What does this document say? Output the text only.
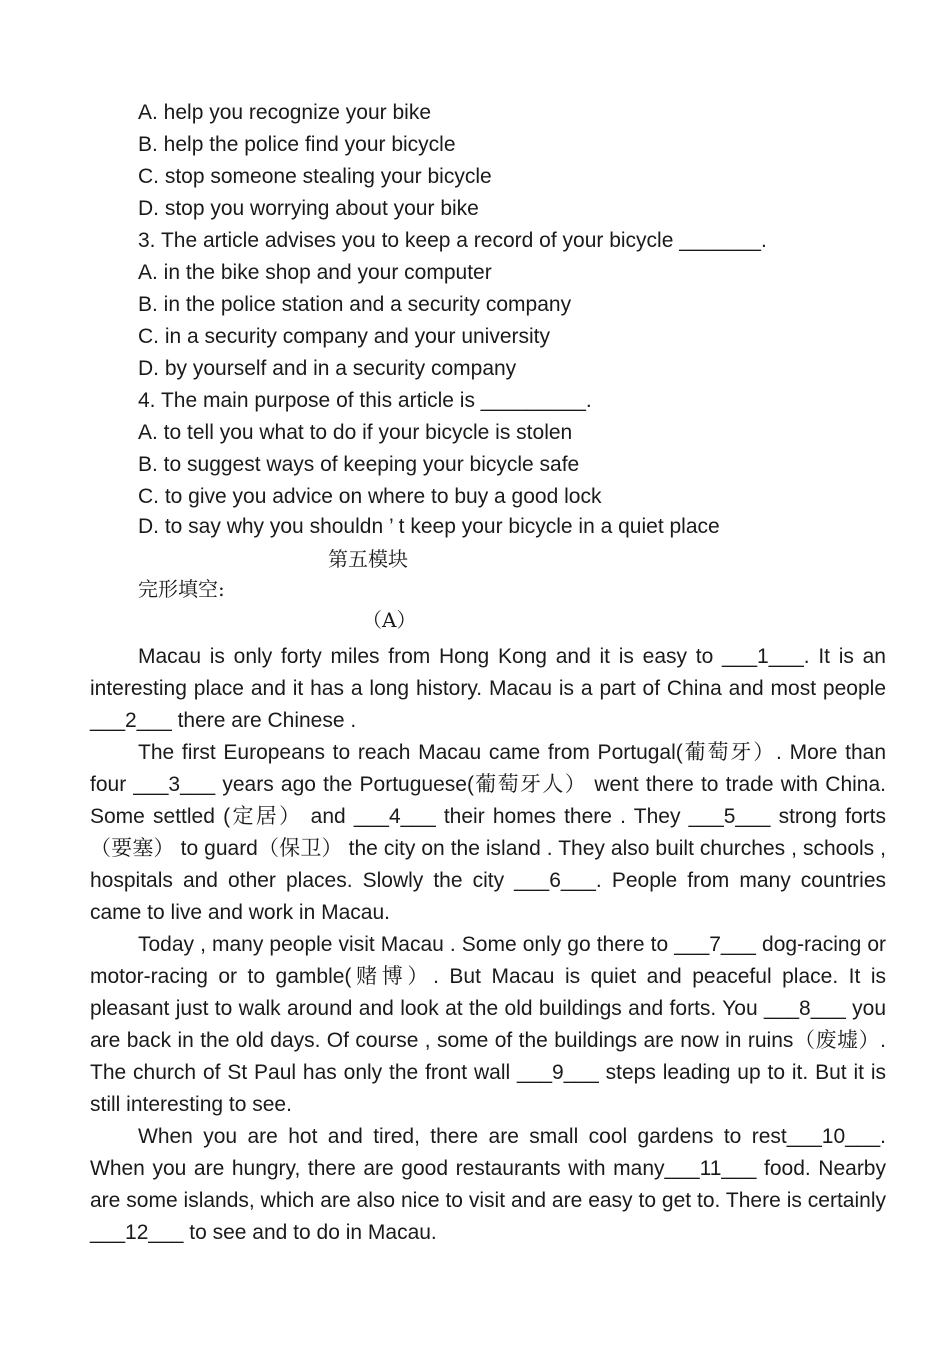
A. help you recognize your bike
B. help the police find your bicycle
C. stop someone stealing your bicycle
D. stop you worrying about your bike
3. The article advises you to keep a record of your bicycle _______.
A. in the bike shop and your computer
B. in the police station and a security company
C. in a security company and your university
D. by yourself and in a security company
4. The main purpose of this article is _________.
A. to tell you what to do if your bicycle is stolen
B. to suggest ways of keeping your bicycle safe
C. to give you advice on where to buy a good lock
D. to say why you shouldn ’ t keep your bicycle in a quiet place
第五模块
完形填空:
（A）

Macau is only forty miles from Hong Kong and it is easy to ___1___. It is an interesting place and it has a long history. Macau is a part of China and most people ___2___ there are Chinese .

The first Europeans to reach Macau came from Portugal(葡萄牙）. More than four ___3___ years ago the Portuguese(葡萄牙人） went there to trade with China. Some settled (定居） and ___4___ their homes there . They ___5___ strong forts（要塞） to guard（保卫） the city on the island . They also built churches , schools , hospitals and other places. Slowly the city ___6___. People from many countries came to live and work in Macau.

Today , many people visit Macau . Some only go there to ___7___ dog-racing or motor-racing or to gamble(赌博）. But Macau is quiet and peaceful place. It is pleasant just to walk around and look at the old buildings and forts. You ___8___ you are back in the old days. Of course , some of the buildings are now in ruins（废墟）. The church of St Paul has only the front wall ___9___ steps leading up to it. But it is still interesting to see.

When you are hot and tired, there are small cool gardens to rest___10___. When you are hungry, there are good restaurants with many___11___ food. Nearby are some islands, which are also nice to visit and are easy to get to. There is certainly ___12___ to see and to do in Macau.
